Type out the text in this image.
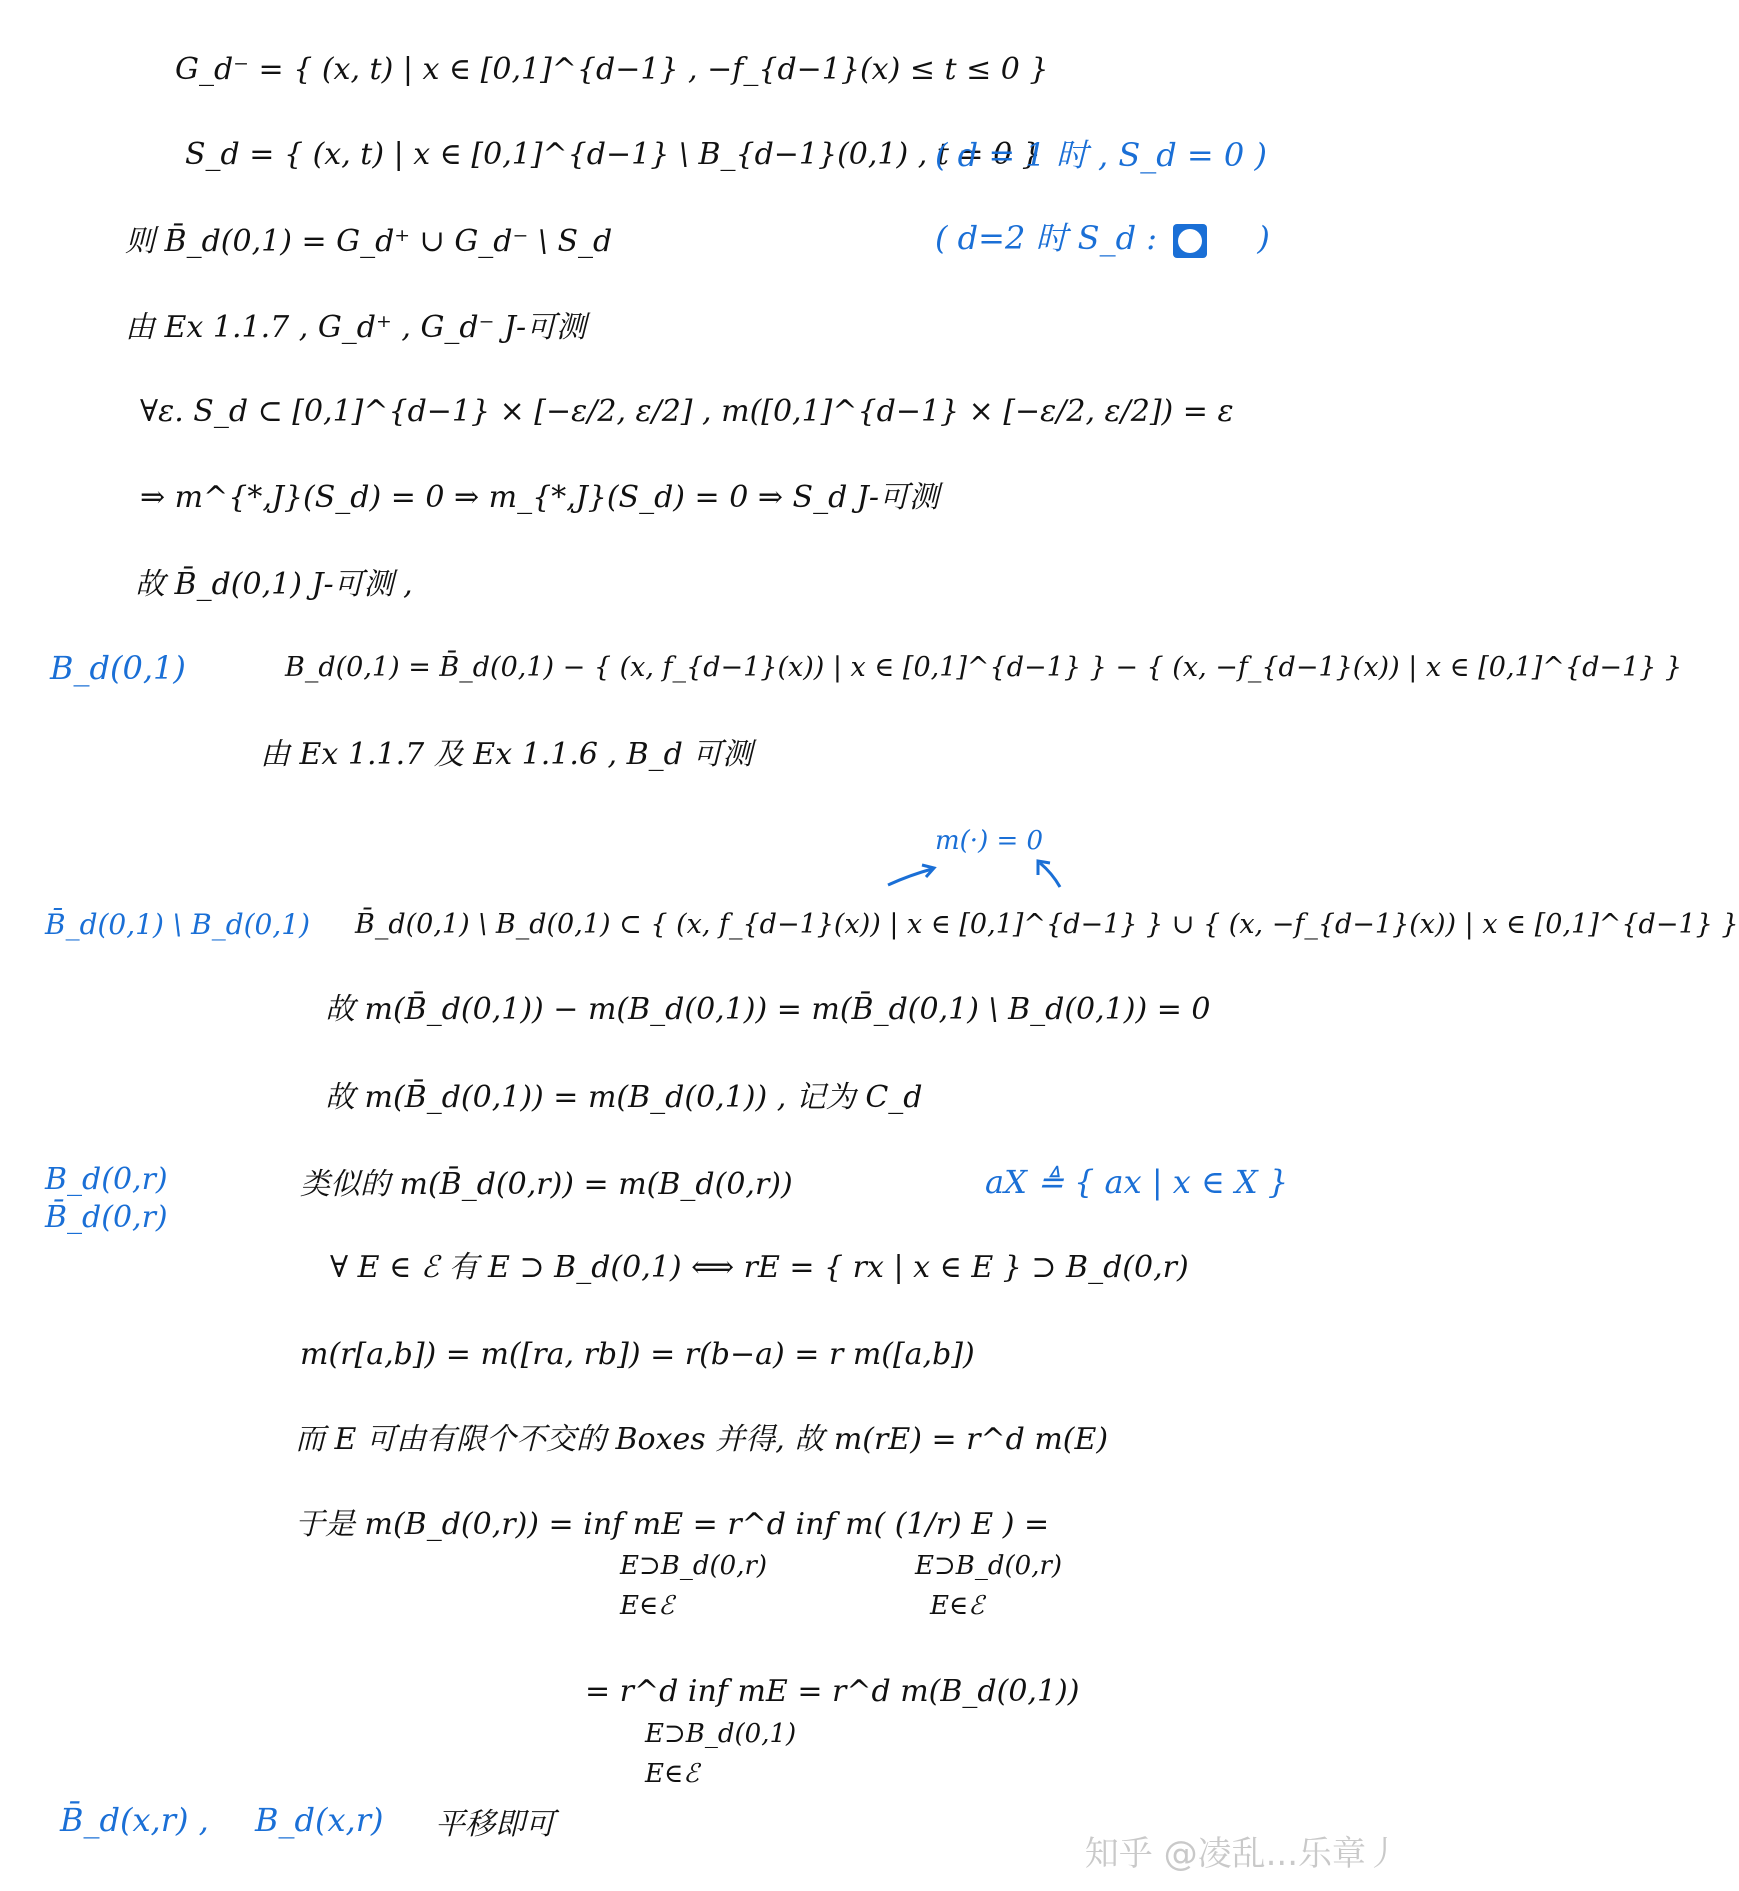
G_d⁻ = { (x, t) | x ∈ [0,1]^{d−1} , −f_{d−1}(x) ≤ t ≤ 0 }
S_d = { (x, t) | x ∈ [0,1]^{d−1} \ B_{d−1}(0,1) , t = 0 }
( d = 1 时 , S_d = 0 )
则 B̄_d(0,1) = G_d⁺ ∪ G_d⁻ \ S_d	( d=2 时 S_d :	)
由 Ex 1.1.7 , G_d⁺ , G_d⁻ J-可测
∀ε. S_d ⊂ [0,1]^{d−1} × [−ε/2, ε/2] , m([0,1]^{d−1} × [−ε/2, ε/2]) = ε
⇒ m^{*,J}(S_d) = 0 ⇒ m_{*,J}(S_d) = 0 ⇒ S_d J-可测
故 B̄_d(0,1) J-可测 ,
B_d(0,1)	B_d(0,1) = B̄_d(0,1) − { (x, f_{d−1}(x)) | x ∈ [0,1]^{d−1} } − { (x, −f_{d−1}(x)) | x ∈ [0,1]^{d−1} }
由 Ex 1.1.7 及 Ex 1.1.6 , B_d 可测
m(·) = 0
B̄_d(0,1) \ B_d(0,1) B̄_d(0,1) \ B_d(0,1) ⊂ { (x, f_{d−1}(x)) | x ∈ [0,1]^{d−1} } ∪ { (x, −f_{d−1}(x)) | x ∈ [0,1]^{d−1} }
故 m(B̄_d(0,1)) − m(B_d(0,1)) = m(B̄_d(0,1) \ B_d(0,1)) = 0
故 m(B̄_d(0,1)) = m(B_d(0,1)) , 记为 C_d
B_d(0,r)
B̄_d(0,r)
类似的 m(B̄_d(0,r)) = m(B_d(0,r))	aX ≜ { ax | x ∈ X }
∀ E ∈ ℰ 有 E ⊃ B_d(0,1) ⟺ rE = { rx | x ∈ E } ⊃ B_d(0,r)
m(r[a,b]) = m([ra, rb]) = r(b−a) = r m([a,b])
而 E 可由有限个不交的 Boxes 并得, 故 m(rE) = r^d m(E)
于是 m(B_d(0,r)) = inf mE = r^d inf m( (1/r) E ) =
E⊃B_d(0,r)
E∈ℰ
E⊃B_d(0,r)
E∈ℰ
= r^d inf mE = r^d m(B_d(0,1))
E⊃B_d(0,1)
E∈ℰ
B̄_d(x,r) , B_d(x,r) 平移即可
知乎 @凌乱...乐章丿
